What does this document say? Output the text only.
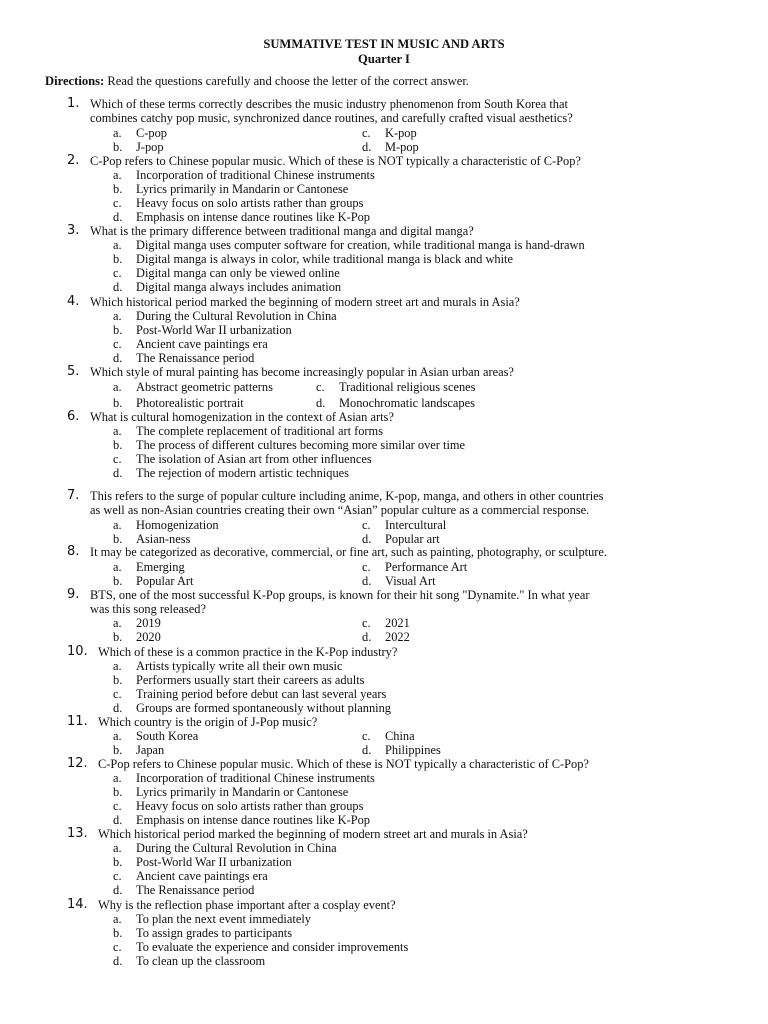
SUMMATIVE TEST IN MUSIC AND ARTS
Quarter I
Directions: Read the questions carefully and choose the letter of the correct answer.
1. Which of these terms correctly describes the music industry phenomenon from South Korea that
combines catchy pop music, synchronized dance routines, and carefully crafted visual aesthetics?
a. C-pop	c. K-pop
b. J-pop	d. M-pop
2. C-Pop refers to Chinese popular music. Which of these is NOT typically a characteristic of C-Pop?
a. Incorporation of traditional Chinese instruments
b. Lyrics primarily in Mandarin or Cantonese
c. Heavy focus on solo artists rather than groups
d. Emphasis on intense dance routines like K-Pop
3. What is the primary difference between traditional manga and digital manga?
a. Digital manga uses computer software for creation, while traditional manga is hand-drawn
b. Digital manga is always in color, while traditional manga is black and white
c. Digital manga can only be viewed online
d. Digital manga always includes animation
4. Which historical period marked the beginning of modern street art and murals in Asia?
a. During the Cultural Revolution in China
b. Post-World War II urbanization
c. Ancient cave paintings era
d. The Renaissance period
5. Which style of mural painting has become increasingly popular in Asian urban areas?
a. Abstract geometric patterns	c. Traditional religious scenes
b. Photorealistic portrait	d. Monochromatic landscapes
6. What is cultural homogenization in the context of Asian arts?
a. The complete replacement of traditional art forms
b. The process of different cultures becoming more similar over time
c. The isolation of Asian art from other influences
d. The rejection of modern artistic techniques
7. This refers to the surge of popular culture including anime, K-pop, manga, and others in other countries
as well as non-Asian countries creating their own “Asian” popular culture as a commercial response.
a. Homogenization	c. Intercultural
b. Asian-ness	d. Popular art
8. It may be categorized as decorative, commercial, or fine art, such as painting, photography, or sculpture.
a. Emerging	c. Performance Art
b. Popular Art	d. Visual Art
9. BTS, one of the most successful K-Pop groups, is known for their hit song "Dynamite." In what year
was this song released?
a. 2019	c. 2021
b. 2020	d. 2022
10. Which of these is a common practice in the K-Pop industry?
a. Artists typically write all their own music
b. Performers usually start their careers as adults
c. Training period before debut can last several years
d. Groups are formed spontaneously without planning
11. Which country is the origin of J-Pop music?
a. South Korea	c. China
b. Japan	d. Philippines
12. C-Pop refers to Chinese popular music. Which of these is NOT typically a characteristic of C-Pop?
a. Incorporation of traditional Chinese instruments
b. Lyrics primarily in Mandarin or Cantonese
c. Heavy focus on solo artists rather than groups
d. Emphasis on intense dance routines like K-Pop
13. Which historical period marked the beginning of modern street art and murals in Asia?
a. During the Cultural Revolution in China
b. Post-World War II urbanization
c. Ancient cave paintings era
d. The Renaissance period
14. Why is the reflection phase important after a cosplay event?
a. To plan the next event immediately
b. To assign grades to participants
c. To evaluate the experience and consider improvements
d. To clean up the classroom
